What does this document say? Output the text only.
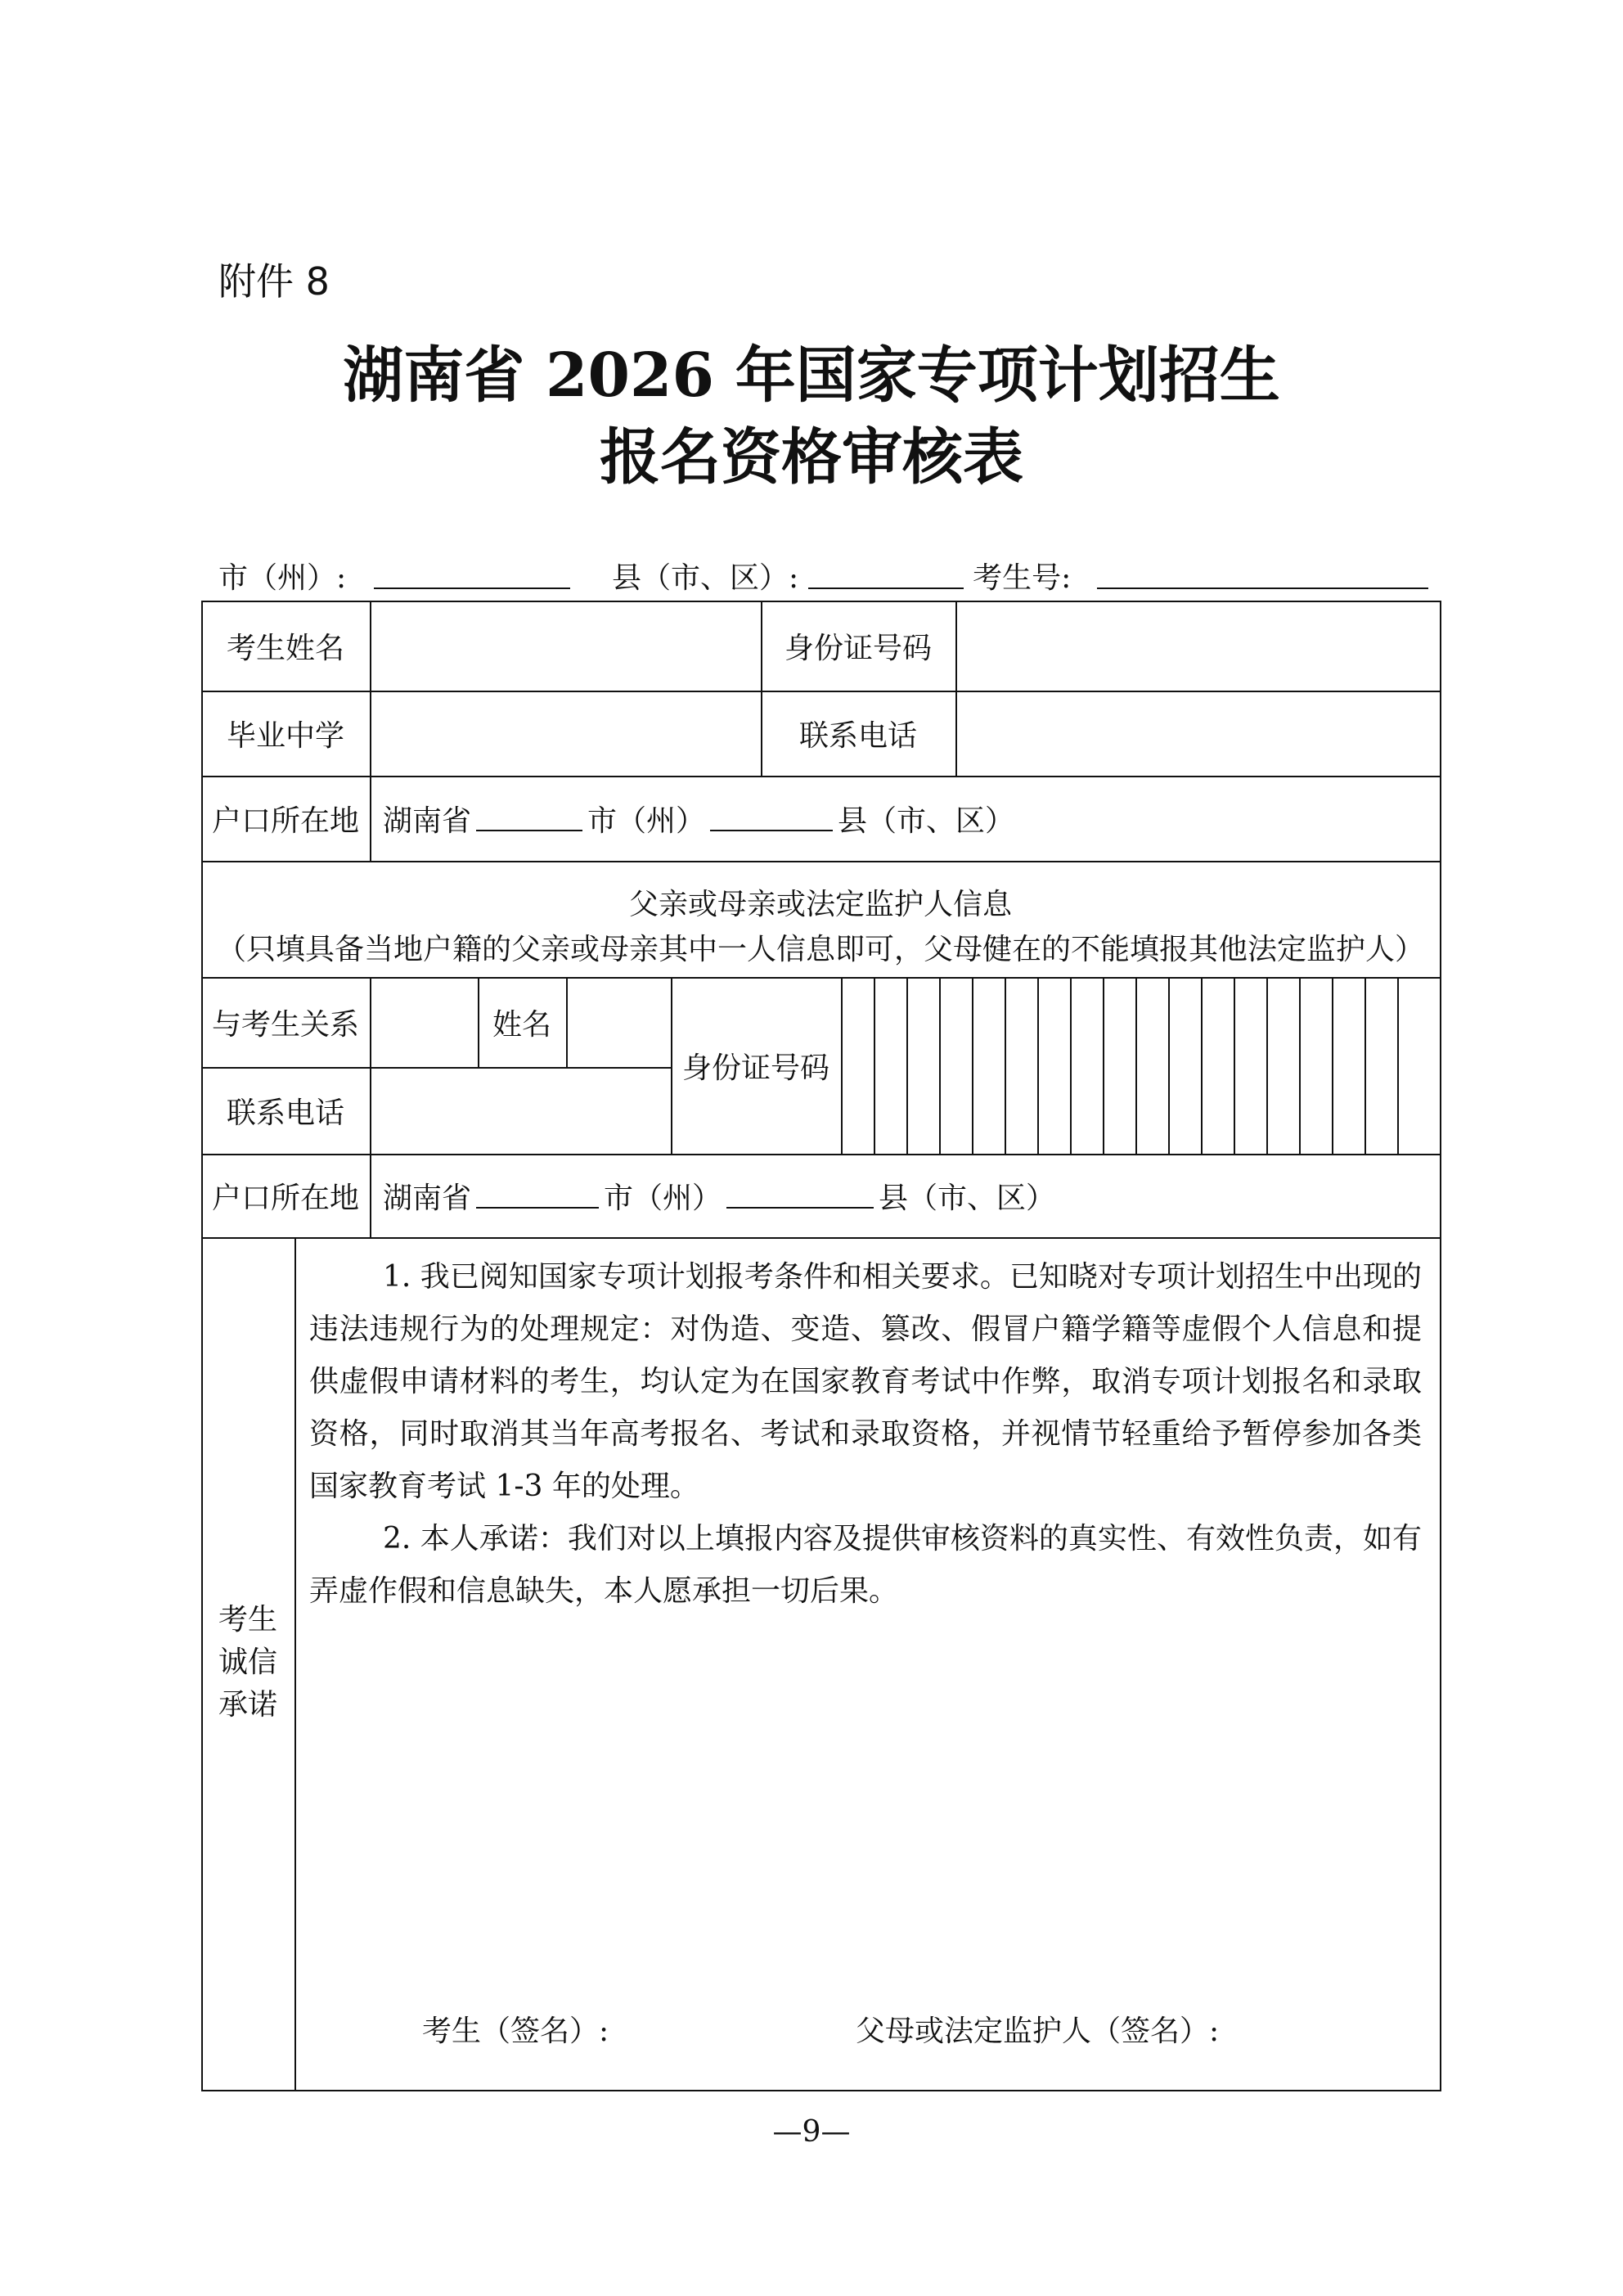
附件 8
湖南省 2026 年国家专项计划招生
报名资格审核表
市（州）:	县（市、区）:	考生号:
考生姓名	身份证号码
毕业中学	联系电话
户口所在地 湖南省	市（州）	县（市、区）
父亲或母亲或法定监护人信息
（只填具备当地户籍的父亲或母亲其中一人信息即可，父母健在的不能填报其他法定监护人）
与考生关系	姓名
身份证号码
联系电话
户口所在地 湖南省	市（州）	县（市、区）
考生
诚信
承诺

1. 我已阅知国家专项计划报考条件和相关要求。已知晓对专项计划招生中出现的违法违规行为的处理规定：对伪造、变造、篡改、假冒户籍学籍等虚假个人信息和提供虚假申请材料的考生，均认定为在国家教育考试中作弊，取消专项计划报名和录取资格，同时取消其当年高考报名、考试和录取资格，并视情节轻重给予暂停参加各类国家教育考试 1-3 年的处理。

2. 本人承诺：我们对以上填报内容及提供审核资料的真实性、有效性负责，如有弄虚作假和信息缺失，本人愿承担一切后果。

考生（签名）:	父母或法定监护人（签名）:
—9—
